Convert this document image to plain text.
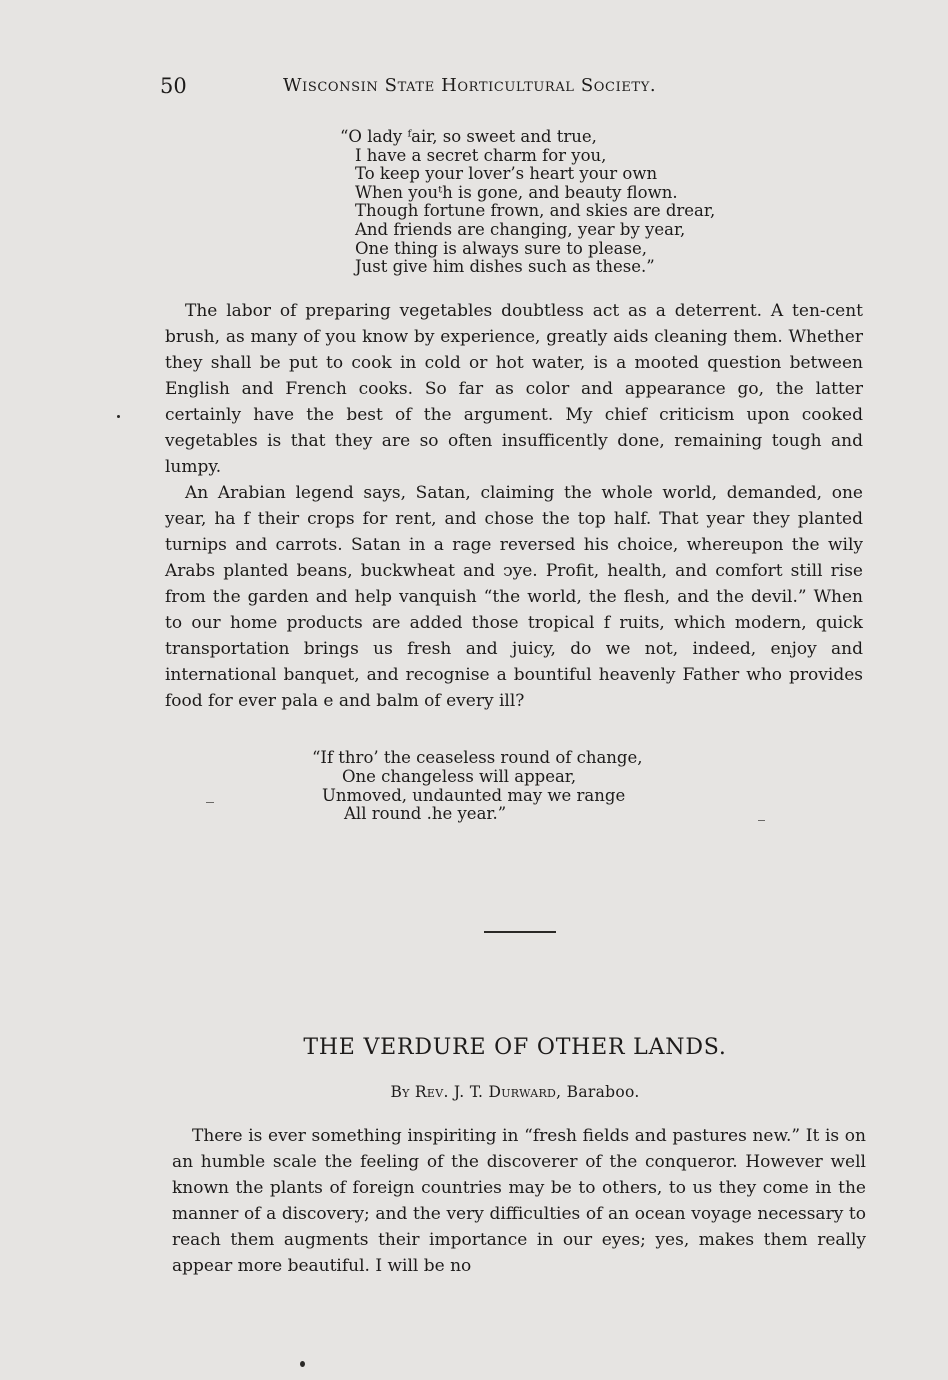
50	Wisconsin State Horticultural Society.
“O lady ᶠair, so sweet and true,
I have a secret charm for you,
To keep your lover’s heart your own
When youᵗh is gone, and beauty flown.
Though fortune frown, and skies are drear,
And friends are changing, year by year,
One thing is always sure to please,
Just give him dishes such as these.”

The labor of preparing vegetables doubtless act as a deterrent. A ten-cent brush, as many of you know by experience, greatly aids cleaning them. Whether they shall be put to cook in cold or hot water, is a mooted question between English and French cooks. So far as color and appearance go, the latter certainly have the best of the argument. My chief criticism upon cooked vegetables is that they are so often insufficently done, remaining tough and lumpy.

An Arabian legend says, Satan, claiming the whole world, demanded, one year, ha f their crops for rent, and chose the top half. That year they planted turnips and carrots. Satan in a rage reversed his choice, whereupon the wily Arabs planted beans, buckwheat and ↄye. Profit, health, and comfort still rise from the garden and help vanquish “the world, the flesh, and the devil.” When to our home products are added those tropical f ruits, which modern, quick transportation brings us fresh and juicy, do we not, indeed, enjoy and international banquet, and recognise a bountiful heavenly Father who provides food for ever pala e and balm of every ill?

“If thro’ the ceaseless round of change,
One changeless will appear,
Unmoved, undaunted may we range
All round .he year.”
THE VERDURE OF OTHER LANDS.
By Rev. J. T. Durward, Baraboo.

There is ever something inspiriting in “fresh fields and pastures new.” It is on an humble scale the feeling of the discoverer of the conqueror. However well known the plants of foreign countries may be to others, to us they come in the manner of a discovery; and the very difficulties of an ocean voyage necessary to reach them augments their importance in our eyes; yes, makes them really appear more beautiful. I will be no
